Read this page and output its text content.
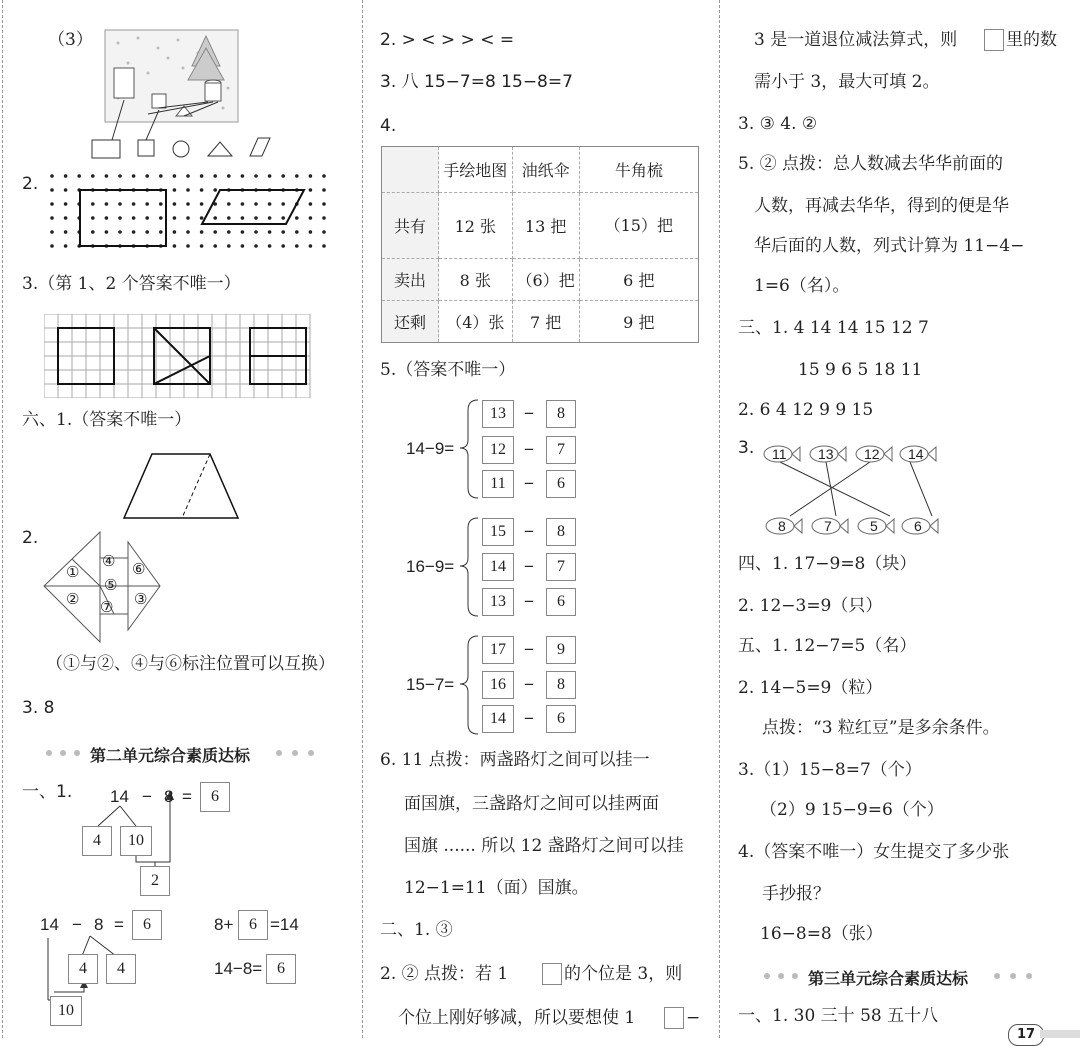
（3）
2.
3.（第 1、2 个答案不唯一）
六、1.（答案不唯一）
2.
①
②
④
⑤
⑥
⑦ ③
（①与②、④与⑥标注位置可以互换）
3. 8
第二单元综合素质达标
一、1. 14 − 8 =	6
4	10
2
14 − 8 =	6
4	4
10
8+ 6 =14
14−8= 6
2. > < > > < =
3. 八 15−7=8 15−8=7
4.
	手绘地图	油纸伞	牛角梳
共有	12 张	13 把	（15）把
卖出	8 张	（6）把	6 把
还剩	（4）张	7 把	9 把
5.（答案不唯一）
14−9=
13	−	8
12	−	7
11	−	6
16−9=
15	−	8
14	−	7
13	−	6
15−7=
17	−	9
16	−	8
14	−	6
6. 11 点拨：两盏路灯之间可以挂一
面国旗，三盏路灯之间可以挂两面
国旗 ...... 所以 12 盏路灯之间可以挂
12−1=11（面）国旗。
二、1. ③
2. ② 点拨：若 1	的个位是 3，则
个位上刚好够减，所以要想使 1	−
3 是一道退位减法算式，则	里的数
需小于 3，最大可填 2。
3. ③ 4. ②
5. ② 点拨：总人数减去华华前面的
人数，再减去华华，得到的便是华
华后面的人数，列式计算为 11−4−
1=6（名）。
三、1. 4 14 14 15 12 7
15 9 6 5 18 11
2. 6 4 12 9 9 15
3. 11 13 12 14
8	7	5	6
四、1. 17−9=8（块）
2. 12−3=9（只）
五、1. 12−7=5（名）
2. 14−5=9（粒）
点拨：“3 粒红豆”是多余条件。
3.（1）15−8=7（个）
（2）9 15−9=6（个）
4.（答案不唯一）女生提交了多少张
手抄报？
16−8=8（张）
第三单元综合素质达标
一、1. 30 三十 58 五十八
17
